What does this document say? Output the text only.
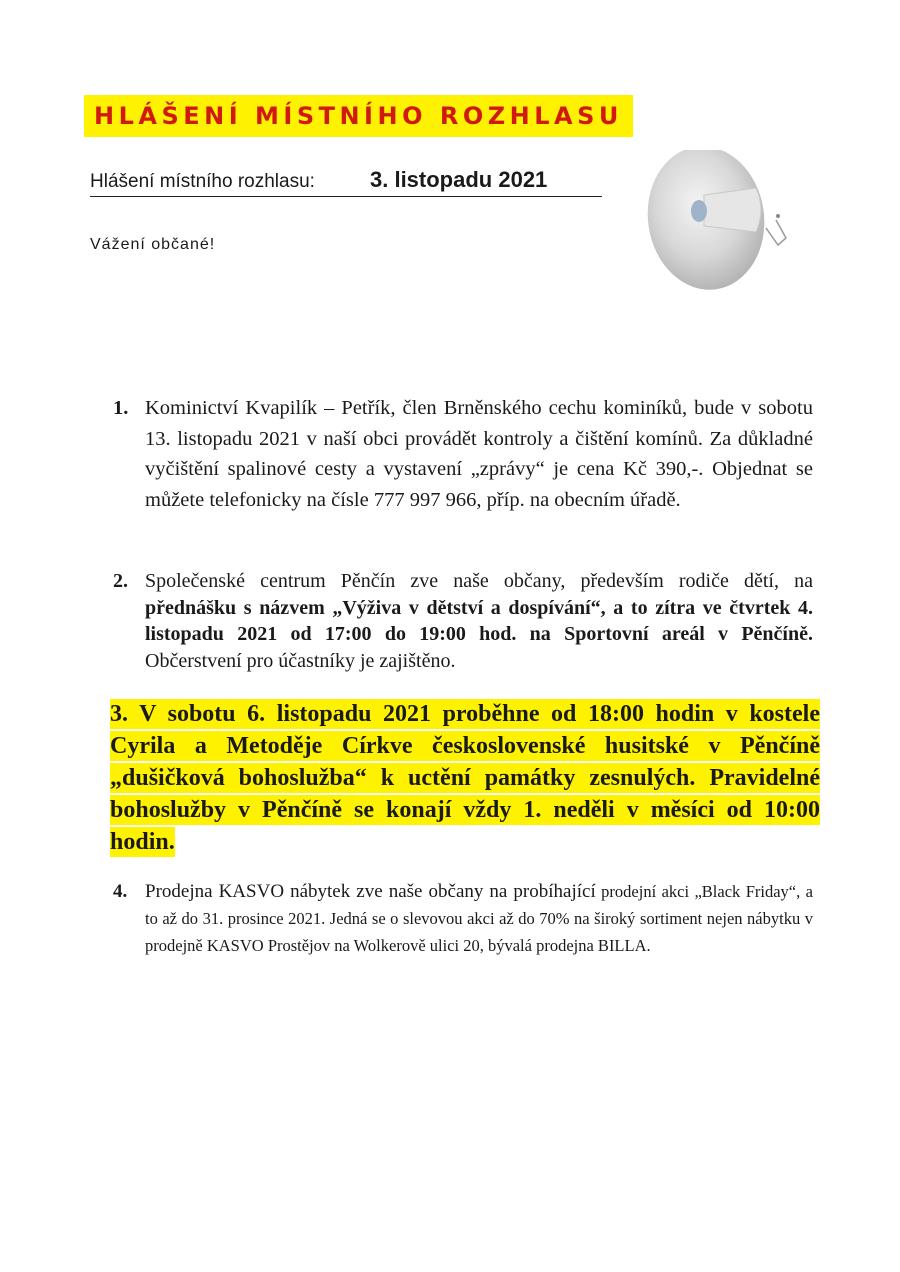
HLÁŠENÍ MÍSTNÍHO ROZHLASU
Hlášení místního rozhlasu:	3. listopadu 2021
Vážení občané!
1. Kominictví Kvapilík – Petřík, člen Brněnského cechu kominíků, bude v sobotu 13. listopadu 2021 v naší obci provádět kontroly a čištění komínů. Za důkladné vyčištění spalinové cesty a vystavení „zprávy“ je cena Kč 390,-. Objednat se můžete telefonicky na čísle 777 997 966, příp. na obecním úřadě.
2. Společenské centrum Pěnčín zve naše občany, především rodiče dětí, na přednášku s názvem „Výživa v dětství a dospívání“, a to zítra ve čtvrtek 4. listopadu 2021 od 17:00 do 19:00 hod. na Sportovní areál v Pěnčíně. Občerstvení pro účastníky je zajištěno.
3. V sobotu 6. listopadu 2021 proběhne od 18:00 hodin v kostele Cyrila a Metoděje Církve československé husitské v Pěnčíně „dušičková bohoslužba“ k uctění památky zesnulých. Pravidelné bohoslužby v Pěnčíně se konají vždy 1. neděli v měsíci od 10:00 hodin.
4. Prodejna KASVO nábytek zve naše občany na probíhající prodejní akci „Black Friday“, a to až do 31. prosince 2021. Jedná se o slevovou akci až do 70% na široký sortiment nejen nábytku v prodejně KASVO Prostějov na Wolkerově ulici 20, bývalá prodejna BILLA.
